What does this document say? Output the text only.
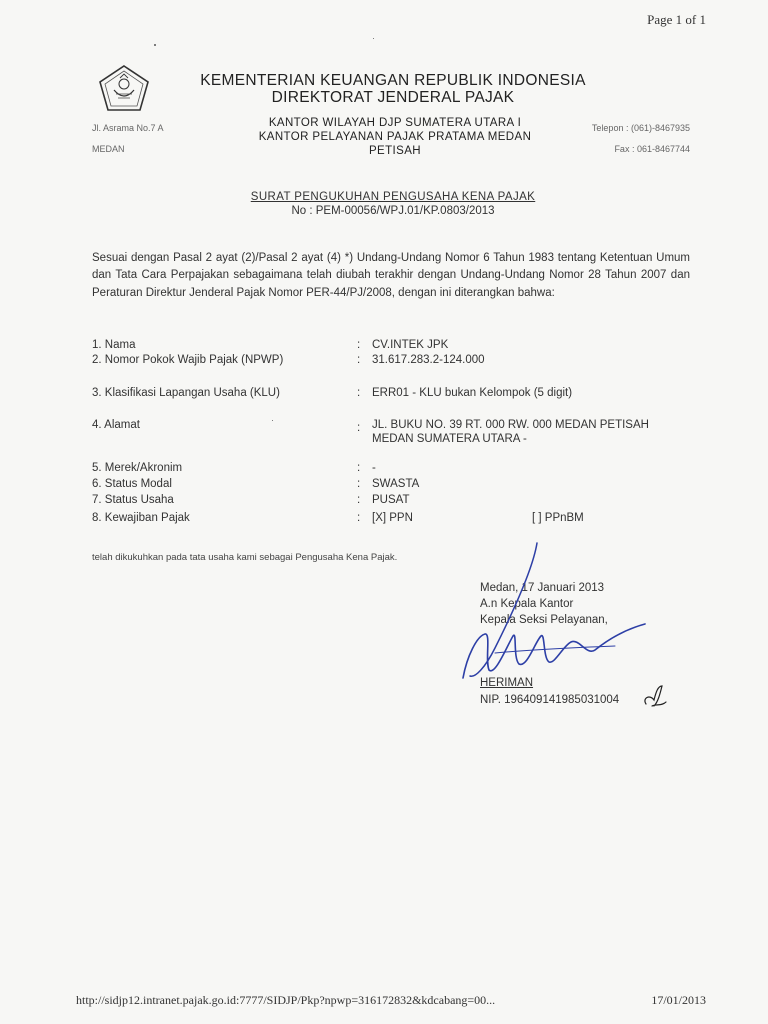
Page 1 of 1
KEMENTERIAN KEUANGAN REPUBLIK INDONESIA
DIREKTORAT JENDERAL PAJAK
Jl. Asrama No.7 A
MEDAN
KANTOR WILAYAH DJP SUMATERA UTARA I
KANTOR PELAYANAN PAJAK PRATAMA MEDAN
PETISAH
Telepon : (061)-8467935
Fax : 061-8467744
SURAT PENGUKUHAN PENGUSAHA KENA PAJAK
No : PEM-00056/WPJ.01/KP.0803/2013
Sesuai dengan Pasal 2 ayat (2)/Pasal 2 ayat (4) *) Undang-Undang Nomor 6 Tahun 1983 tentang Ketentuan Umum dan Tata Cara Perpajakan sebagaimana telah diubah terakhir dengan Undang-Undang Nomor 28 Tahun 2007 dan Peraturan Direktur Jenderal Pajak Nomor PER-44/PJ/2008, dengan ini diterangkan bahwa:
1. Nama	: CV.INTEK JPK
2. Nomor Pokok Wajib Pajak (NPWP)	: 31.617.283.2-124.000
3. Klasifikasi Lapangan Usaha (KLU)	: ERR01 - KLU bukan Kelompok (5 digit)
4. Alamat	: JL. BUKU NO. 39 RT. 000 RW. 000 MEDAN PETISAH
MEDAN SUMATERA UTARA -
5. Merek/Akronim	: -
6. Status Modal	: SWASTA
7. Status Usaha	: PUSAT
8. Kewajiban Pajak	: [X] PPN	[ ] PPnBM
telah dikukuhkan pada tata usaha kami sebagai Pengusaha Kena Pajak.
Medan, 17 Januari 2013
A.n Kepala Kantor
Kepala Seksi Pelayanan,
HERIMAN
NIP. 196409141985031004
http://sidjp12.intranet.pajak.go.id:7777/SIDJP/Pkp?npwp=316172832&kdcabang=00...	17/01/2013
